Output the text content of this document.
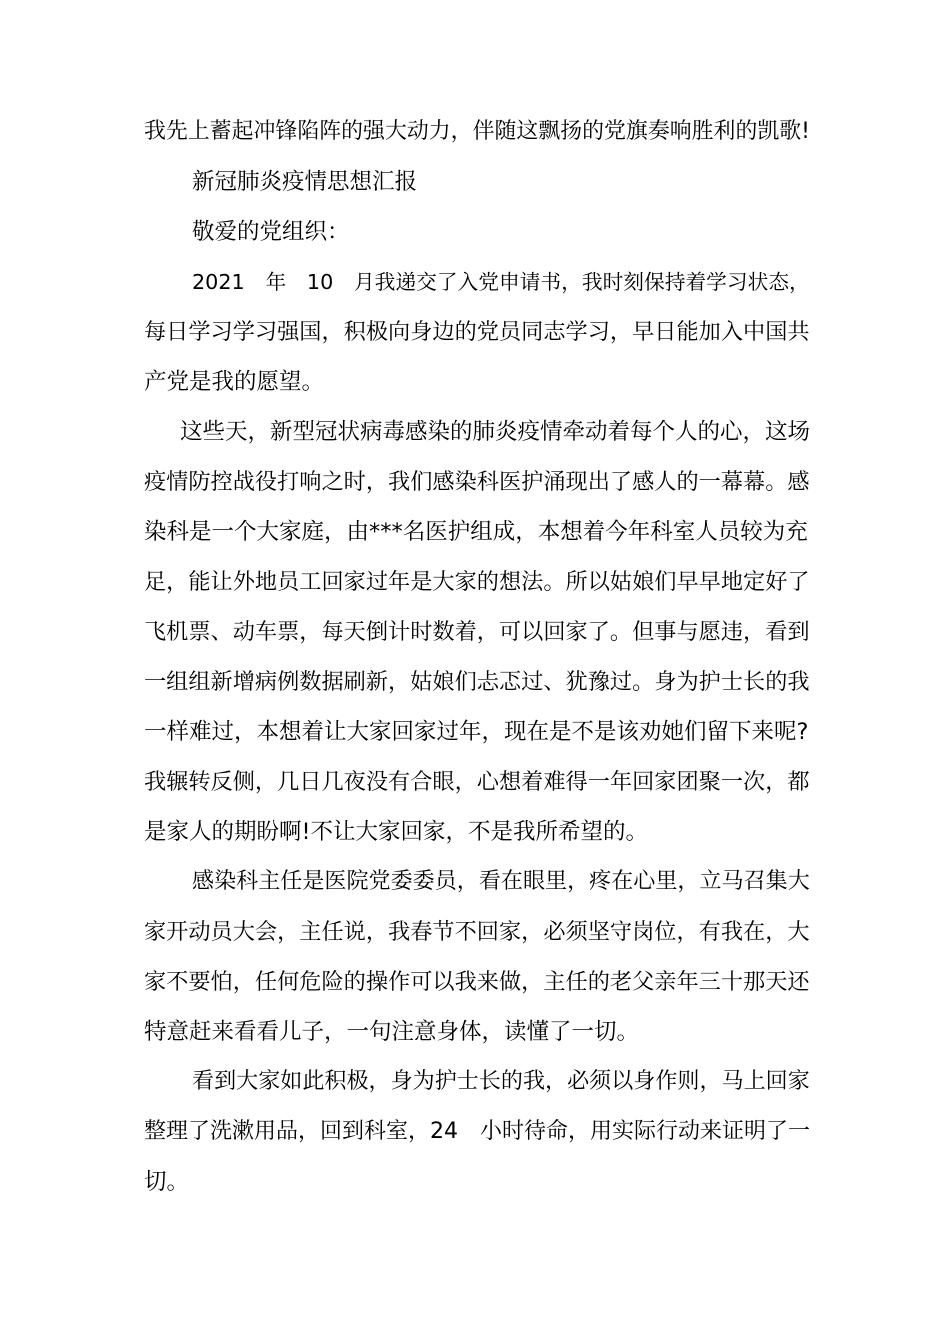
我先上蓄起冲锋陷阵的强大动力，伴随这飘扬的党旗奏响胜利的凯歌!
新冠肺炎疫情思想汇报
敬爱的党组织：
2021　年　10　月我递交了入党申请书，我时刻保持着学习状态，
每日学习学习强国，积极向身边的党员同志学习，早日能加入中国共
产党是我的愿望。
这些天，新型冠状病毒感染的肺炎疫情牵动着每个人的心，这场
疫情防控战役打响之时，我们感染科医护涌现出了感人的一幕幕。感
染科是一个大家庭，由***名医护组成，本想着今年科室人员较为充
足，能让外地员工回家过年是大家的想法。所以姑娘们早早地定好了
飞机票、动车票，每天倒计时数着，可以回家了。但事与愿违，看到
一组组新增病例数据刷新，姑娘们忐忑过、犹豫过。身为护士长的我
一样难过，本想着让大家回家过年，现在是不是该劝她们留下来呢?
我辗转反侧，几日几夜没有合眼，心想着难得一年回家团聚一次，都
是家人的期盼啊!不让大家回家，不是我所希望的。
感染科主任是医院党委委员，看在眼里，疼在心里，立马召集大
家开动员大会，主任说，我春节不回家，必须坚守岗位，有我在，大
家不要怕，任何危险的操作可以我来做，主任的老父亲年三十那天还
特意赶来看看儿子，一句注意身体，读懂了一切。
看到大家如此积极，身为护士长的我，必须以身作则，马上回家
整理了洗漱用品，回到科室，24　小时待命，用实际行动来证明了一
切。
